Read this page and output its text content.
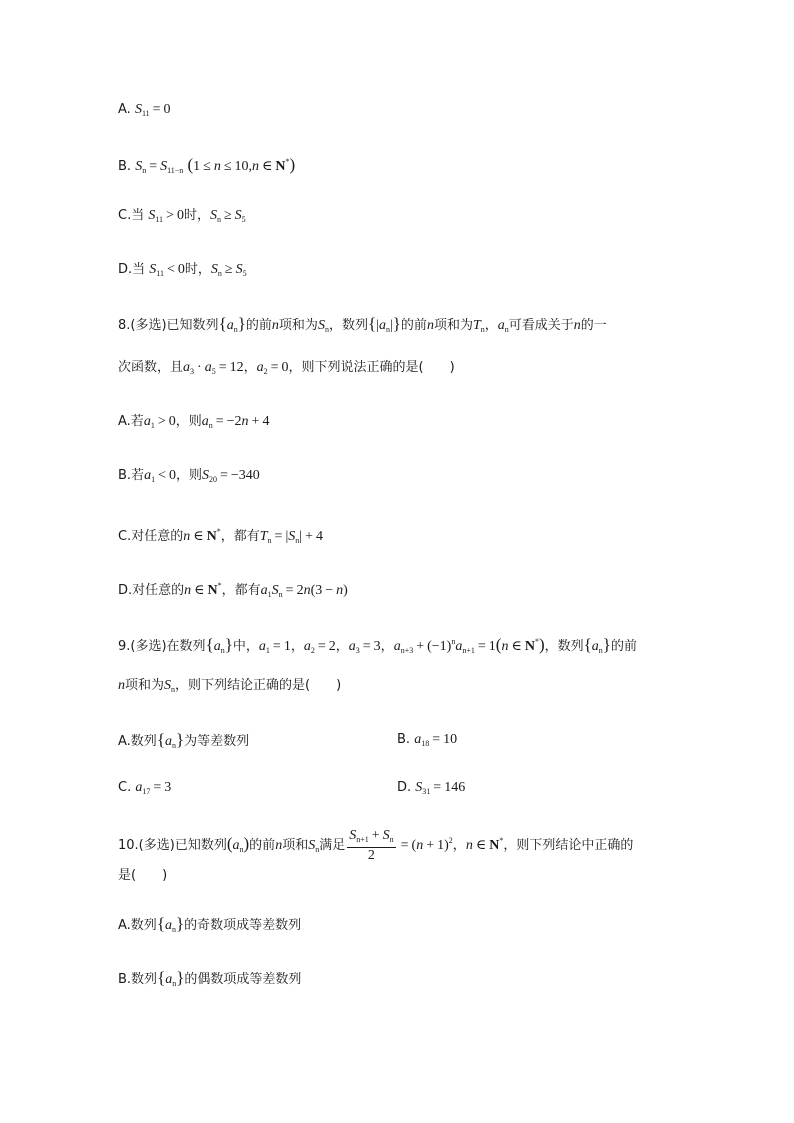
A. $S_{11} = 0$
B. $S_n = S_{11-n}$ (1 ≤ n ≤ 10,n ∈ N*)
C.当 $S_{11} > 0$时，$S_n \ge S_5$
D.当 $S_{11} < 0$时，$S_n \ge S_5$
8.(多选)已知数列$\{a_n\}$的前n项和为$S_n$，数列$\{|a_n|\}$的前n项和为$T_n$，$a_n$可看成关于n的一
次函数，且$a_3 \cdot a_5 = 12$，$a_2 = 0$，则下列说法正确的是(　　)
A.若$a_1 > 0$，则$a_n = -2n + 4$
B.若$a_1 < 0$，则$S_{20} = -340$
C.对任意的n ∈ N*，都有$T_n = |S_n| + 4$
D.对任意的n ∈ N*，都有$a_1S_n = 2n(3 - n)$
9.(多选)在数列$\{a_n\}$中，$a_1 = 1$，$a_2 = 2$，$a_3 = 3$，$a_{n+3} + (-1)^na_{n+1} = 1(n$ ∈ N*)，数列$\{a_n\}$的前
n项和为$S_n$，则下列结论正确的是(　　)
A.数列$\{a_n\}$为等差数列	B. $a_{18} = 10$
C. $a_{17} = 3$	D. $S_{31} = 146$
10.(多选)已知数列$(a_n)$的前n项和$S_n$满足 $\frac{S_{n+1} + S_n}{2} = (n + 1)^2$，n ∈ N*，则下列结论中正确的
是(　　)
A.数列$\{a_n\}$的奇数项成等差数列
B.数列$\{a_n\}$的偶数项成等差数列
